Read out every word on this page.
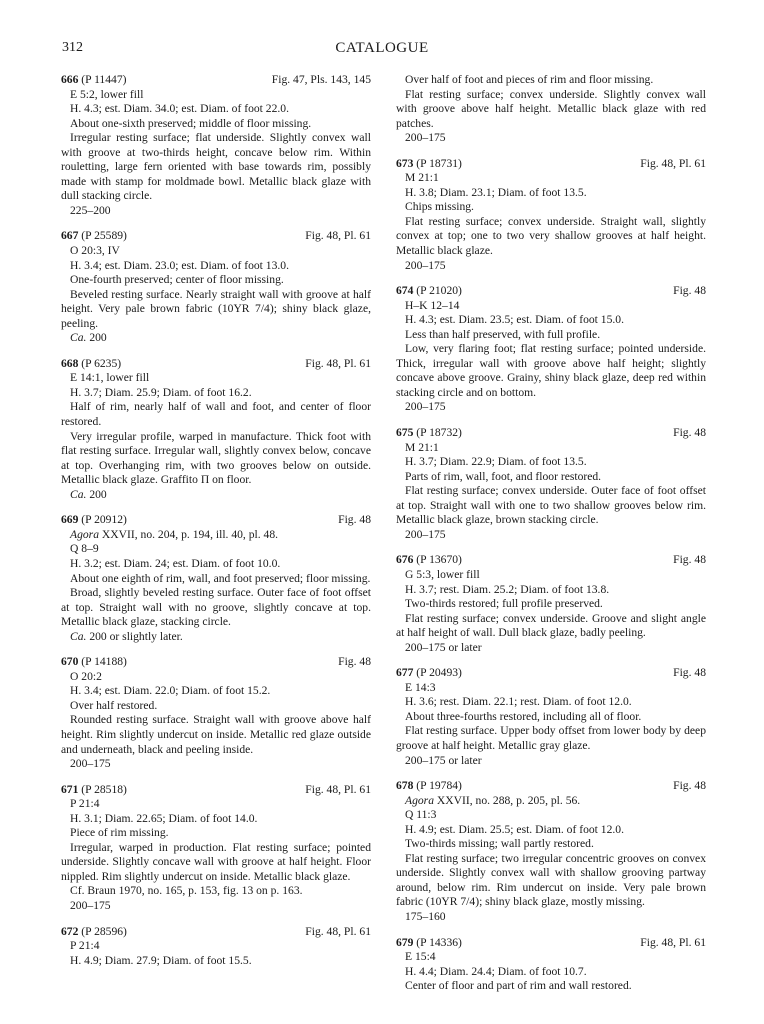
312	CATALOGUE
666 (P 11447)	Fig. 47, Pls. 143, 145
E 5:2, lower fill
H. 4.3; est. Diam. 34.0; est. Diam. of foot 22.0.
About one-sixth preserved; middle of floor missing.
Irregular resting surface; flat underside. Slightly convex wall with groove at two-thirds height, concave below rim. Within rouletting, large fern oriented with base towards rim, possibly made with stamp for moldmade bowl. Metallic black glaze with dull stacking circle.
225–200
667 (P 25589)	Fig. 48, Pl. 61
O 20:3, IV
H. 3.4; est. Diam. 23.0; est. Diam. of foot 13.0.
One-fourth preserved; center of floor missing.
Beveled resting surface. Nearly straight wall with groove at half height. Very pale brown fabric (10YR 7/4); shiny black glaze, peeling.
Ca. 200
668 (P 6235)	Fig. 48, Pl. 61
E 14:1, lower fill
H. 3.7; Diam. 25.9; Diam. of foot 16.2.
Half of rim, nearly half of wall and foot, and center of floor restored.
Very irregular profile, warped in manufacture. Thick foot with flat resting surface. Irregular wall, slightly convex below, concave at top. Overhanging rim, with two grooves below on outside. Metallic black glaze. Graffito Π on floor.
Ca. 200
669 (P 20912)	Fig. 48
Agora XXVII, no. 204, p. 194, ill. 40, pl. 48.
Q 8–9
H. 3.2; est. Diam. 24; est. Diam. of foot 10.0.
About one eighth of rim, wall, and foot preserved; floor missing.
Broad, slightly beveled resting surface. Outer face of foot offset at top. Straight wall with no groove, slightly concave at top. Metallic black glaze, stacking circle.
Ca. 200 or slightly later.
670 (P 14188)	Fig. 48
O 20:2
H. 3.4; est. Diam. 22.0; Diam. of foot 15.2.
Over half restored.
Rounded resting surface. Straight wall with groove above half height. Rim slightly undercut on inside. Metallic red glaze outside and underneath, black and peeling inside.
200–175
671 (P 28518)	Fig. 48, Pl. 61
P 21:4
H. 3.1; Diam. 22.65; Diam. of foot 14.0.
Piece of rim missing.
Irregular, warped in production. Flat resting surface; pointed underside. Slightly concave wall with groove at half height. Floor nippled. Rim slightly undercut on inside. Metallic black glaze.
Cf. Braun 1970, no. 165, p. 153, fig. 13 on p. 163.
200–175
672 (P 28596)	Fig. 48, Pl. 61
P 21:4
H. 4.9; Diam. 27.9; Diam. of foot 15.5.
Over half of foot and pieces of rim and floor missing.
Flat resting surface; convex underside. Slightly convex wall with groove above half height. Metallic black glaze with red patches.
200–175
673 (P 18731)	Fig. 48, Pl. 61
M 21:1
H. 3.8; Diam. 23.1; Diam. of foot 13.5.
Chips missing.
Flat resting surface; convex underside. Straight wall, slightly convex at top; one to two very shallow grooves at half height. Metallic black glaze.
200–175
674 (P 21020)	Fig. 48
H–K 12–14
H. 4.3; est. Diam. 23.5; est. Diam. of foot 15.0.
Less than half preserved, with full profile.
Low, very flaring foot; flat resting surface; pointed underside. Thick, irregular wall with groove above half height; slightly concave above groove. Grainy, shiny black glaze, deep red within stacking circle and on bottom.
200–175
675 (P 18732)	Fig. 48
M 21:1
H. 3.7; Diam. 22.9; Diam. of foot 13.5.
Parts of rim, wall, foot, and floor restored.
Flat resting surface; convex underside. Outer face of foot offset at top. Straight wall with one to two shallow grooves below rim. Metallic black glaze, brown stacking circle.
200–175
676 (P 13670)	Fig. 48
G 5:3, lower fill
H. 3.7; rest. Diam. 25.2; Diam. of foot 13.8.
Two-thirds restored; full profile preserved.
Flat resting surface; convex underside. Groove and slight angle at half height of wall. Dull black glaze, badly peeling.
200–175 or later
677 (P 20493)	Fig. 48
E 14:3
H. 3.6; rest. Diam. 22.1; rest. Diam. of foot 12.0.
About three-fourths restored, including all of floor.
Flat resting surface. Upper body offset from lower body by deep groove at half height. Metallic gray glaze.
200–175 or later
678 (P 19784)	Fig. 48
Agora XXVII, no. 288, p. 205, pl. 56.
Q 11:3
H. 4.9; est. Diam. 25.5; est. Diam. of foot 12.0.
Two-thirds missing; wall partly restored.
Flat resting surface; two irregular concentric grooves on convex underside. Slightly convex wall with shallow grooving partway around, below rim. Rim undercut on inside. Very pale brown fabric (10YR 7/4); shiny black glaze, mostly missing.
175–160
679 (P 14336)	Fig. 48, Pl. 61
E 15:4
H. 4.4; Diam. 24.4; Diam. of foot 10.7.
Center of floor and part of rim and wall restored.
